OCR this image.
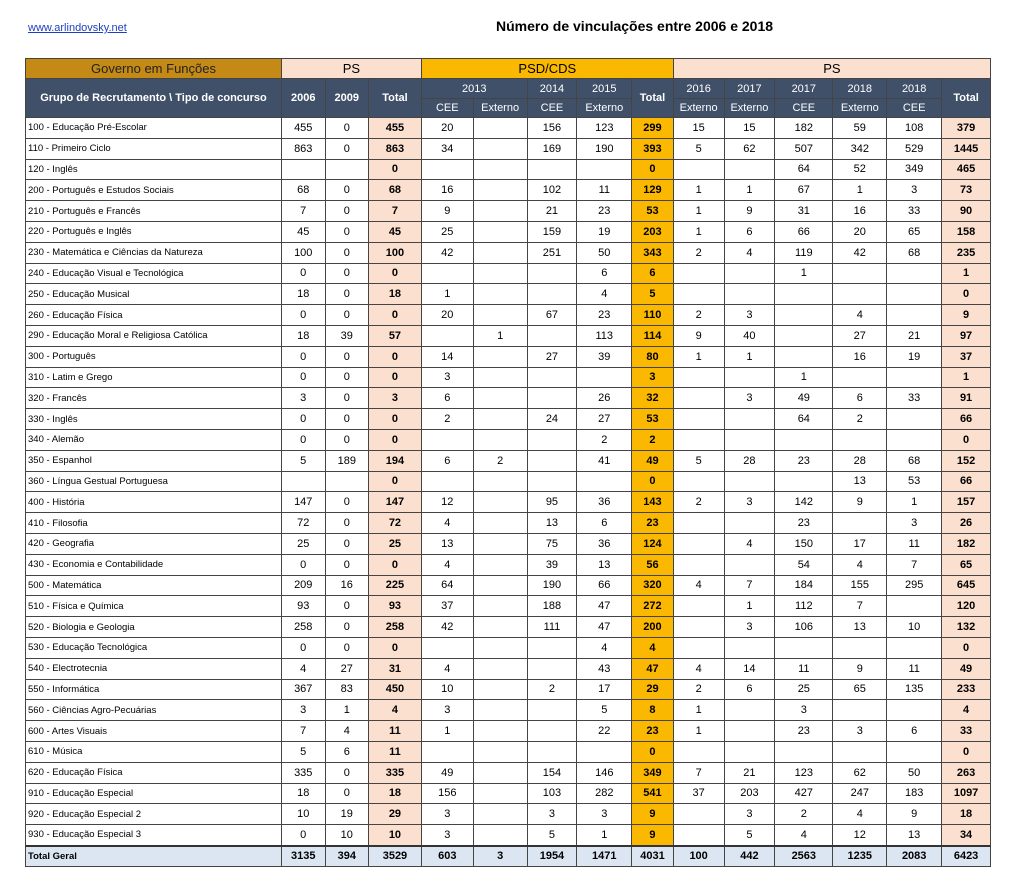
www.arlindovsky.net	Número de vinculações entre 2006 e 2018
Governo em Funções	PS			PSD/CDS					PS					
Grupo de Recrutamento \ Tipo de concurso	2006	2009	Total	2013		2014	2015	Total	2016	2017	2017	2018	2018	Total
				CEE	Externo	CEE	Externo		Externo	Externo	CEE	Externo	CEE	
100 - Educação Pré-Escolar	455	0	455	20		156	123	299	15	15	182	59	108	379
110 - Primeiro Ciclo	863	0	863	34		169	190	393	5	62	507	342	529	1445
120 - Inglês			0					0			64	52	349	465
200 - Português e Estudos Sociais	68	0	68	16		102	11	129	1	1	67	1	3	73
210 - Português e Francês	7	0	7	9		21	23	53	1	9	31	16	33	90
220 - Português e Inglês	45	0	45	25		159	19	203	1	6	66	20	65	158
230 - Matemática e Ciências da Natureza	100	0	100	42		251	50	343	2	4	119	42	68	235
240 - Educação Visual e Tecnológica	0	0	0				6	6			1			1
250 - Educação Musical	18	0	18	1			4	5						0
260 - Educação Física	0	0	0	20		67	23	110	2	3		4		9
290 - Educação Moral e Religiosa Católica	18	39	57		1		113	114	9	40		27	21	97
300 - Português	0	0	0	14		27	39	80	1	1		16	19	37
310 - Latim e Grego	0	0	0	3				3			1			1
320 - Francês	3	0	3	6			26	32		3	49	6	33	91
330 - Inglês	0	0	0	2		24	27	53			64	2		66
340 - Alemão	0	0	0				2	2						0
350 - Espanhol	5	189	194	6	2		41	49	5	28	23	28	68	152
360 - Língua Gestual Portuguesa			0					0				13	53	66
400 - História	147	0	147	12		95	36	143	2	3	142	9	1	157
410 - Filosofia	72	0	72	4		13	6	23			23		3	26
420 - Geografia	25	0	25	13		75	36	124		4	150	17	11	182
430 - Economia e Contabilidade	0	0	0	4		39	13	56			54	4	7	65
500 - Matemática	209	16	225	64		190	66	320	4	7	184	155	295	645
510 - Física e Química	93	0	93	37		188	47	272		1	112	7		120
520 - Biologia e Geologia	258	0	258	42		111	47	200		3	106	13	10	132
530 - Educação Tecnológica	0	0	0				4	4						0
540 - Electrotecnia	4	27	31	4			43	47	4	14	11	9	11	49
550 - Informática	367	83	450	10		2	17	29	2	6	25	65	135	233
560 - Ciências Agro-Pecuárias	3	1	4	3			5	8	1		3			4
600 - Artes Visuais	7	4	11	1			22	23	1		23	3	6	33
610 - Música	5	6	11					0						0
620 - Educação Física	335	0	335	49		154	146	349	7	21	123	62	50	263
910 - Educação Especial	18	0	18	156		103	282	541	37	203	427	247	183	1097
920 - Educação Especial 2	10	19	29	3		3	3	9		3	2	4	9	18
930 - Educação Especial 3	0	10	10	3		5	1	9		5	4	12	13	34
Total Geral	3135	394	3529	603	3	1954	1471	4031	100	442	2563	1235	2083	6423
